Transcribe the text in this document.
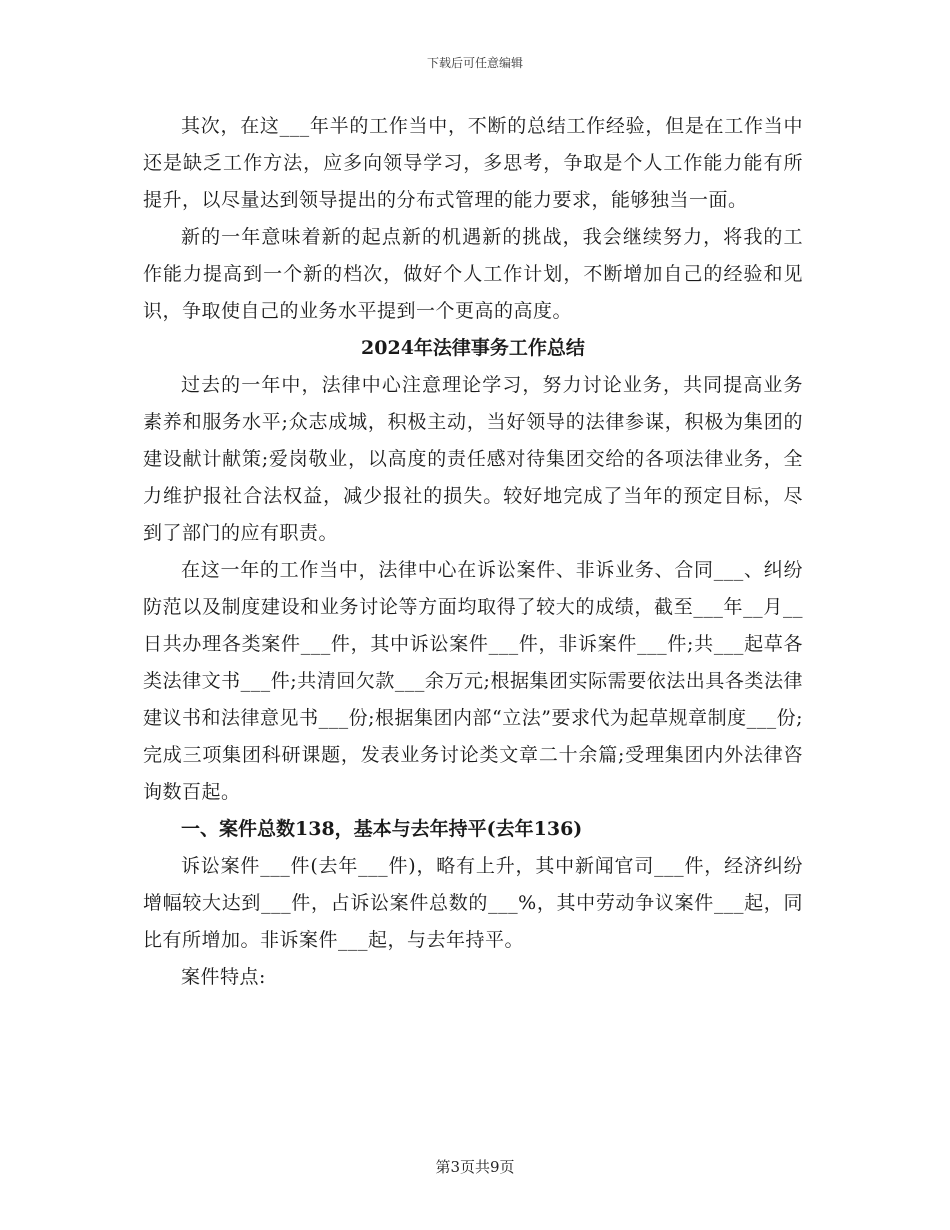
下载后可任意编辑

其次，在这___年半的工作当中，不断的总结工作经验，但是在工作当中还是缺乏工作方法，应多向领导学习，多思考，争取是个人工作能力能有所提升，以尽量达到领导提出的分布式管理的能力要求，能够独当一面。

新的一年意味着新的起点新的机遇新的挑战，我会继续努力，将我的工作能力提高到一个新的档次，做好个人工作计划，不断增加自己的经验和见识，争取使自己的业务水平提到一个更高的高度。

2024年法律事务工作总结

过去的一年中，法律中心注意理论学习，努力讨论业务，共同提高业务素养和服务水平;众志成城，积极主动，当好领导的法律参谋，积极为集团的建设献计献策;爱岗敬业，以高度的责任感对待集团交给的各项法律业务，全力维护报社合法权益，减少报社的损失。较好地完成了当年的预定目标，尽到了部门的应有职责。

在这一年的工作当中，法律中心在诉讼案件、非诉业务、合同___、纠纷防范以及制度建设和业务讨论等方面均取得了较大的成绩，截至___年__月__日共办理各类案件___件，其中诉讼案件___件，非诉案件___件;共___起草各类法律文书___件;共清回欠款___余万元;根据集团实际需要依法出具各类法律建议书和法律意见书___份;根据集团内部“立法”要求代为起草规章制度___份;完成三项集团科研课题，发表业务讨论类文章二十余篇;受理集团内外法律咨询数百起。

一、案件总数138，基本与去年持平(去年136)

诉讼案件___件(去年___件)，略有上升，其中新闻官司___件，经济纠纷增幅较大达到___件，占诉讼案件总数的___%，其中劳动争议案件___起，同比有所增加。非诉案件___起，与去年持平。

案件特点:

第3页共9页
